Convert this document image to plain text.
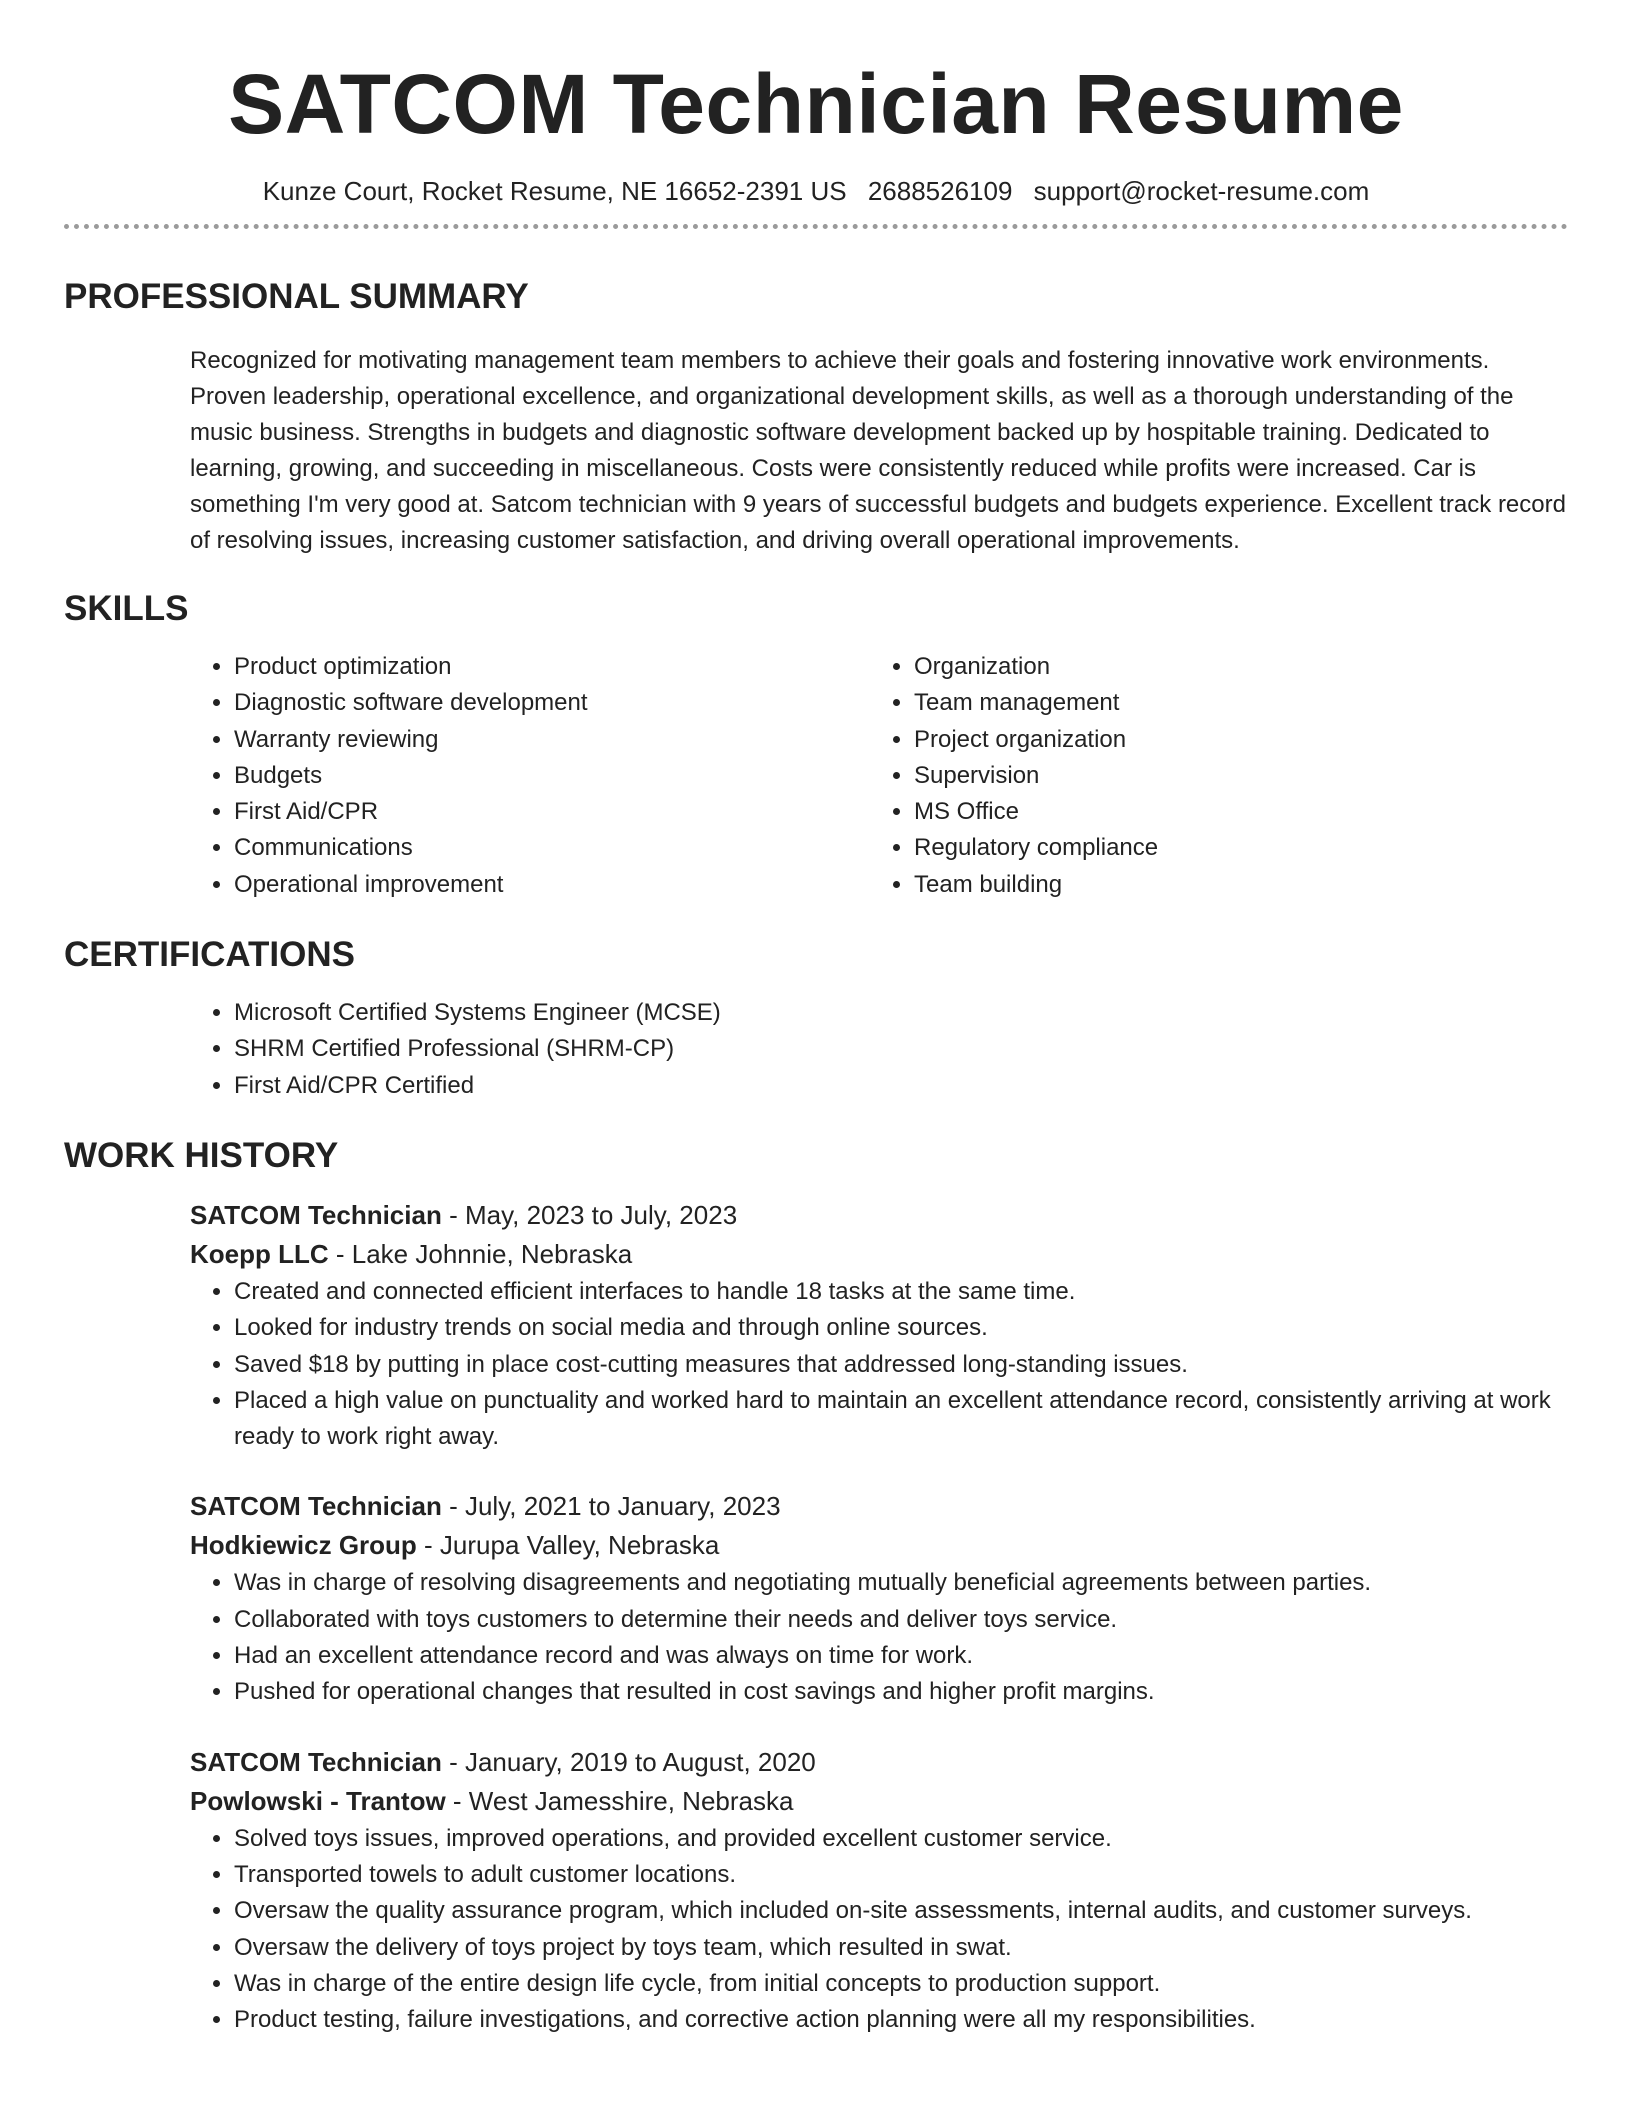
SATCOM Technician Resume
Kunze Court, Rocket Resume, NE 16652-2391 US 2688526109 support@rocket-resume.com
PROFESSIONAL SUMMARY

Recognized for motivating management team members to achieve their goals and fostering innovative work environments. Proven leadership, operational excellence, and organizational development skills, as well as a thorough understanding of the music business. Strengths in budgets and diagnostic software development backed up by hospitable training. Dedicated to learning, growing, and succeeding in miscellaneous. Costs were consistently reduced while profits were increased. Car is something I'm very good at. Satcom technician with 9 years of successful budgets and budgets experience. Excellent track record of resolving issues, increasing customer satisfaction, and driving overall operational improvements.

SKILLS
• Product optimization
• Diagnostic software development
• Warranty reviewing
• Budgets
• First Aid/CPR
• Communications
• Operational improvement
• Organization
• Team management
• Project organization
• Supervision
• MS Office
• Regulatory compliance
• Team building
CERTIFICATIONS
• Microsoft Certified Systems Engineer (MCSE)
• SHRM Certified Professional (SHRM-CP)
• First Aid/CPR Certified
WORK HISTORY
SATCOM Technician - May, 2023 to July, 2023
Koepp LLC - Lake Johnnie, Nebraska
• Created and connected efficient interfaces to handle 18 tasks at the same time.
• Looked for industry trends on social media and through online sources.
• Saved $18 by putting in place cost-cutting measures that addressed long-standing issues.
• Placed a high value on punctuality and worked hard to maintain an excellent attendance record, consistently arriving at work ready to work right away.
SATCOM Technician - July, 2021 to January, 2023
Hodkiewicz Group - Jurupa Valley, Nebraska
• Was in charge of resolving disagreements and negotiating mutually beneficial agreements between parties.
• Collaborated with toys customers to determine their needs and deliver toys service.
• Had an excellent attendance record and was always on time for work.
• Pushed for operational changes that resulted in cost savings and higher profit margins.
SATCOM Technician - January, 2019 to August, 2020
Powlowski - Trantow - West Jamesshire, Nebraska
• Solved toys issues, improved operations, and provided excellent customer service.
• Transported towels to adult customer locations.
• Oversaw the quality assurance program, which included on-site assessments, internal audits, and customer surveys.
• Oversaw the delivery of toys project by toys team, which resulted in swat.
• Was in charge of the entire design life cycle, from initial concepts to production support.
• Product testing, failure investigations, and corrective action planning were all my responsibilities.
